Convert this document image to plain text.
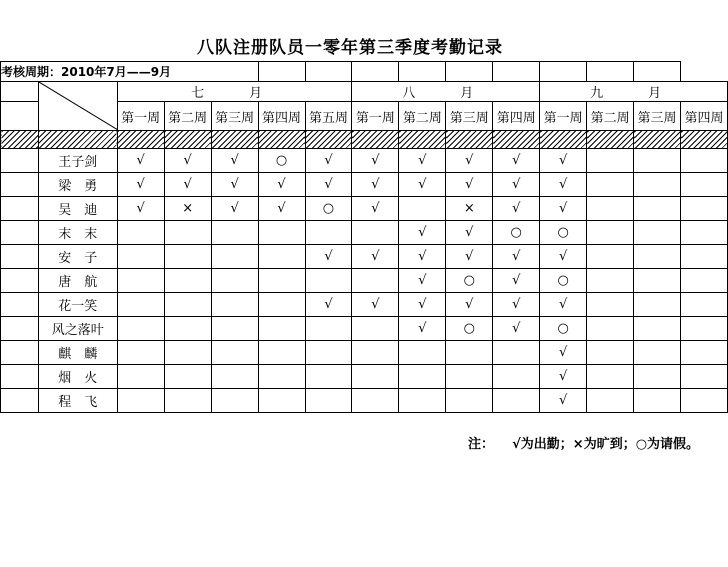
八队注册队员一零年第三季度考勤记录
考核周期：2010年7月——9月														

	七　月					八　月				九　月			
		第一周	第二周	第三周	第四周	第五周	第一周	第二周	第三周	第四周	第一周	第二周	第三周	第四周

	王子剑	√	√	√	○	√	√	√	√	√	√			
	梁　勇	√	√	√	√	√	√	√	√	√	√			
	吴　迪	√	×	√	√	○	√		×	√	√			
	末　末							√	√	○	○			
	安　子					√	√	√	√	√	√			
	唐　航							√	○	√	○			
	花一笑					√	√	√	√	√	√			
	风之落叶							√	○	√	○			
	麒　麟										√			
	烟　火										√			
	程　飞										√			
注： √为出勤；×为旷到；○为请假。
